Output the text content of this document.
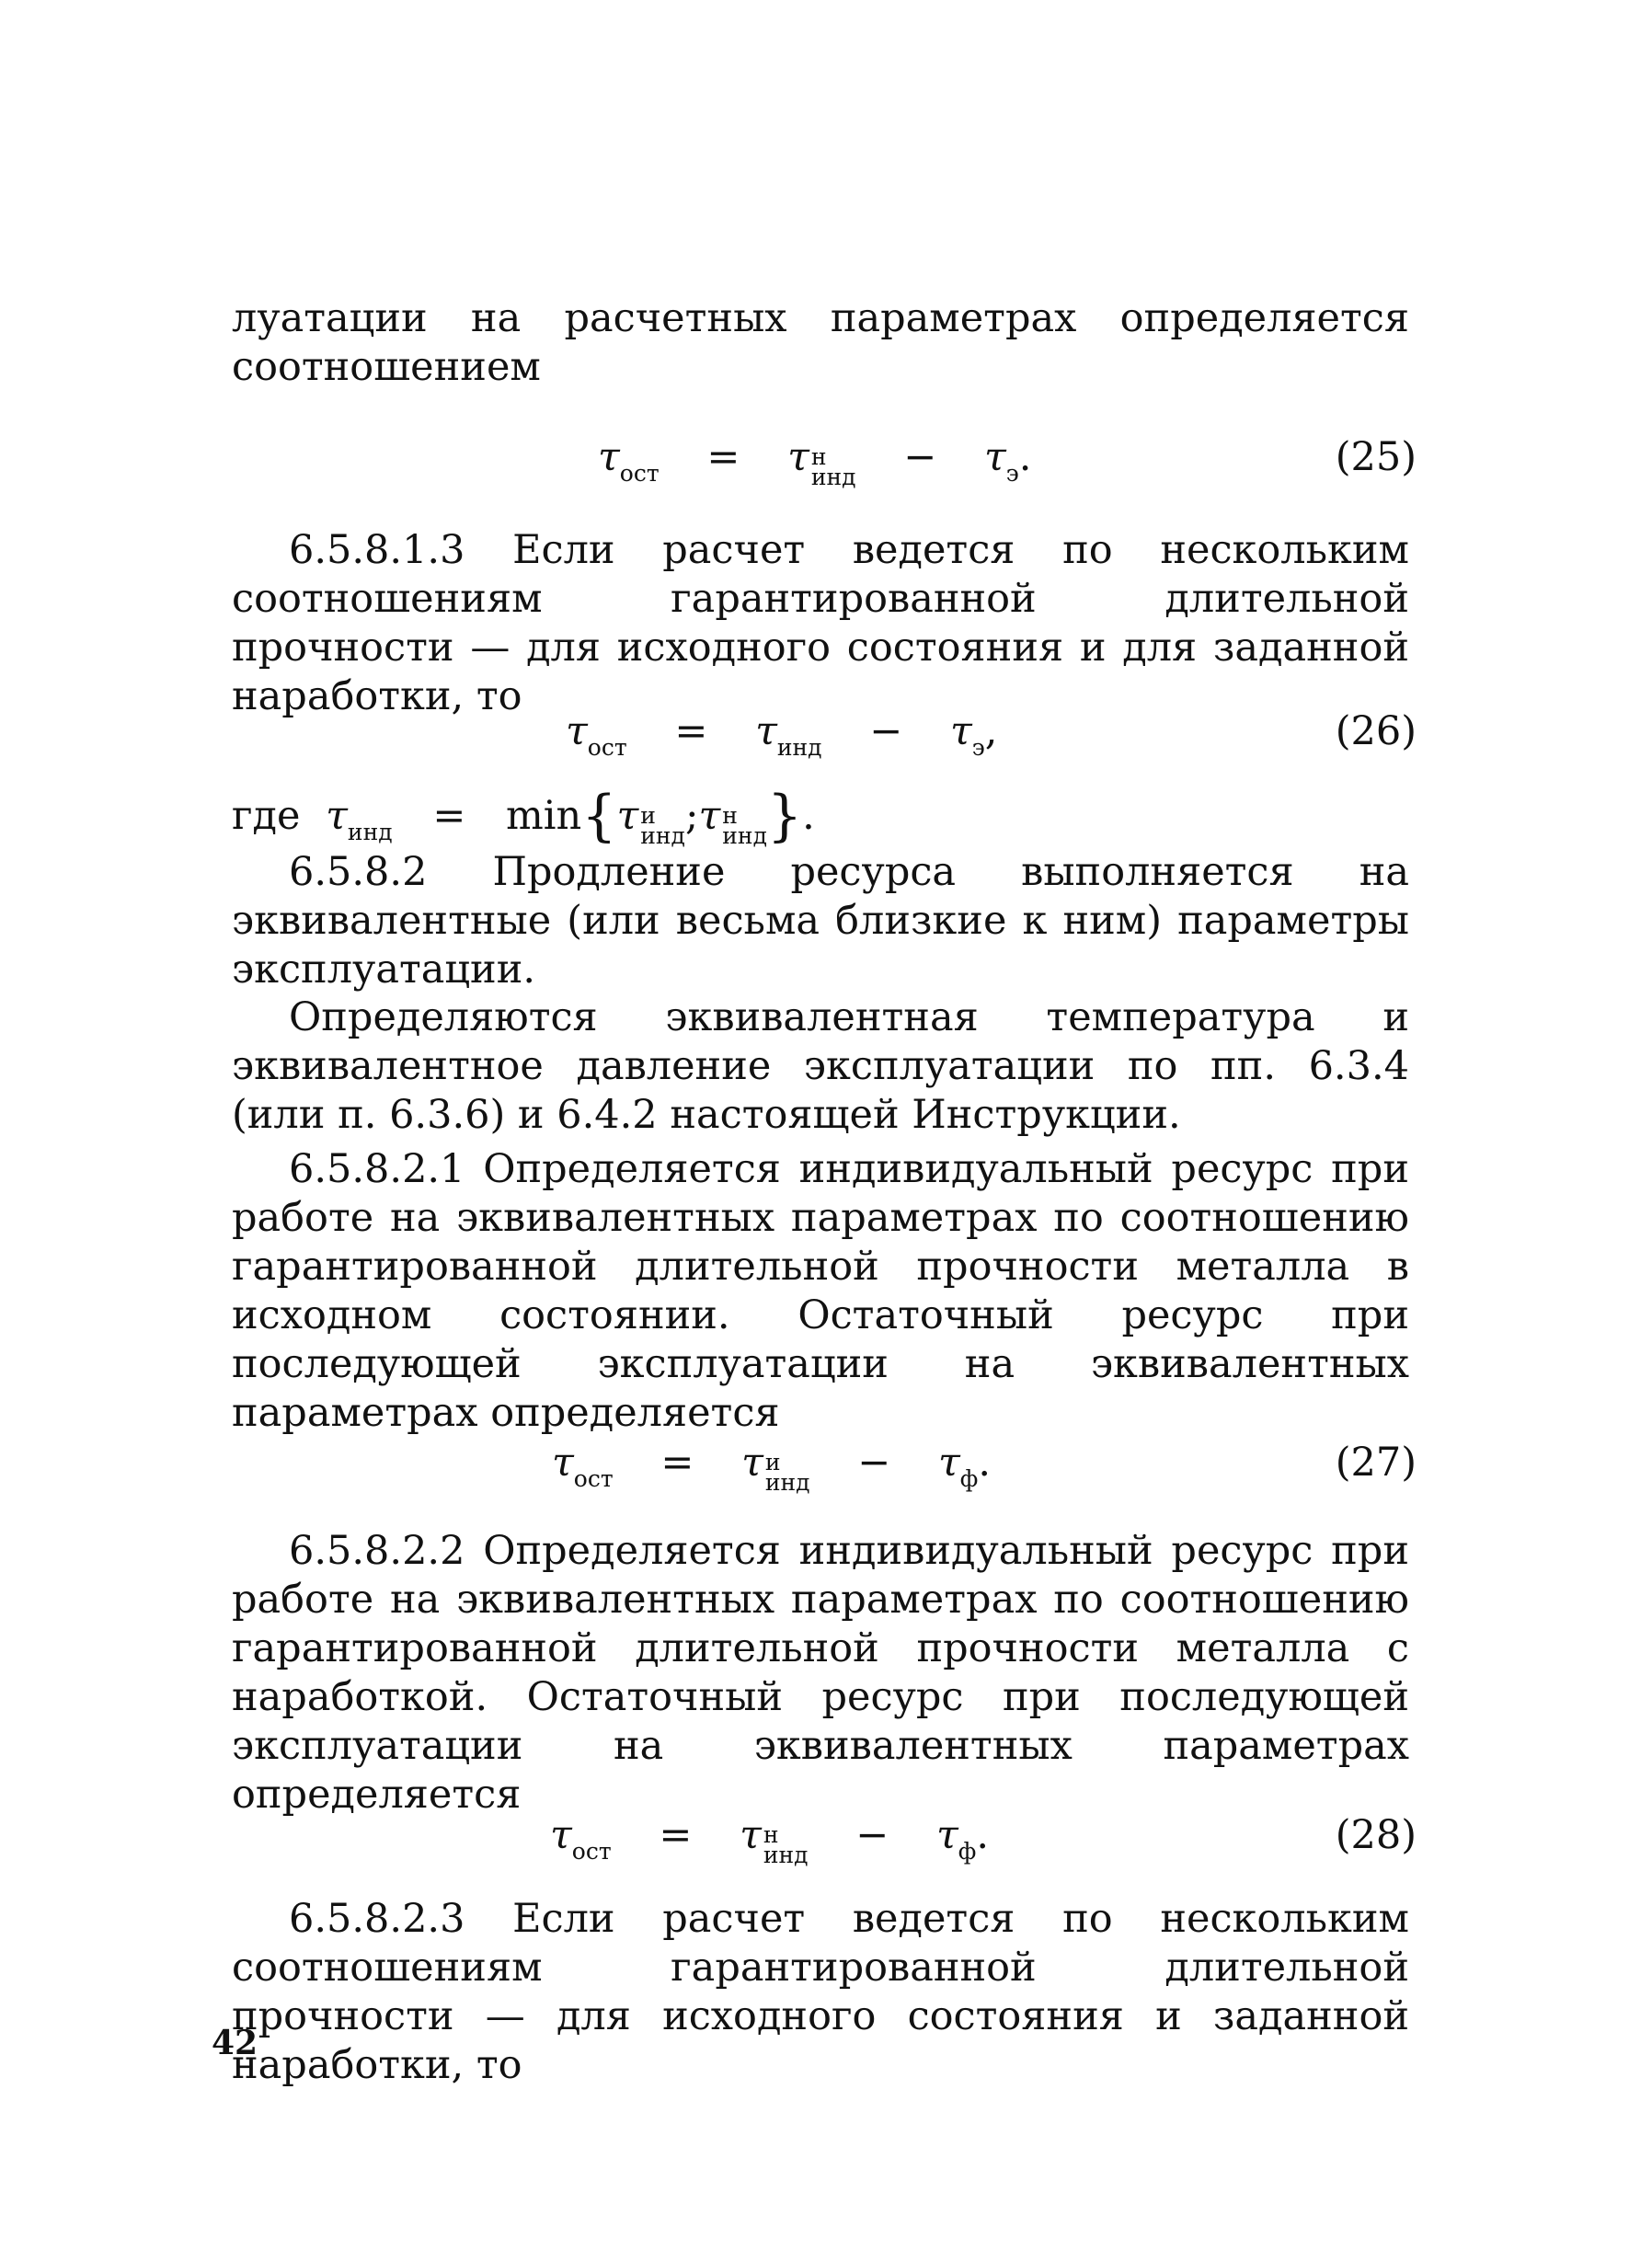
луатации на расчетных параметрах определяется соотношением

$\tau_{ост} = \tau$ н
инд − $\tau_э$.	(25)

6.5.8.1.3 Если расчет ведется по нескольким соотношениям гарантированной длительной прочности — для исходного состояния и для заданной наработки, то

$\tau_{ост} = \tau_{инд} - \tau_э$,	(26)
где $\tau_{инд} = \min\{\tau$ и
инд ;τ н
инд }.

6.5.8.2 Продление ресурса выполняется на эквивалентные (или весьма близкие к ним) параметры эксплуатации.

Определяются эквивалентная температура и эквивалентное давление эксплуатации по пп. 6.3.4 (или п. 6.3.6) и 6.4.2 настоящей Инструкции.

6.5.8.2.1 Определяется индивидуальный ресурс при работе на эквивалентных параметрах по соотношению гарантированной длительной прочности металла в исходном состоянии. Остаточный ресурс при последующей эксплуатации на эквивалентных параметрах определяется

$\tau_{ост} = \tau$ и
инд − $\tau_ф$.	(27)

6.5.8.2.2 Определяется индивидуальный ресурс при работе на эквивалентных параметрах по соотношению гарантированной длительной прочности металла с наработкой. Остаточный ресурс при последующей эксплуатации на эквивалентных параметрах определяется

$\tau_{ост} = \tau$ н
инд − $\tau_ф$.	(28)

6.5.8.2.3 Если расчет ведется по нескольким соотношениям гарантированной длительной прочности — для исходного состояния и заданной наработки, то

42
